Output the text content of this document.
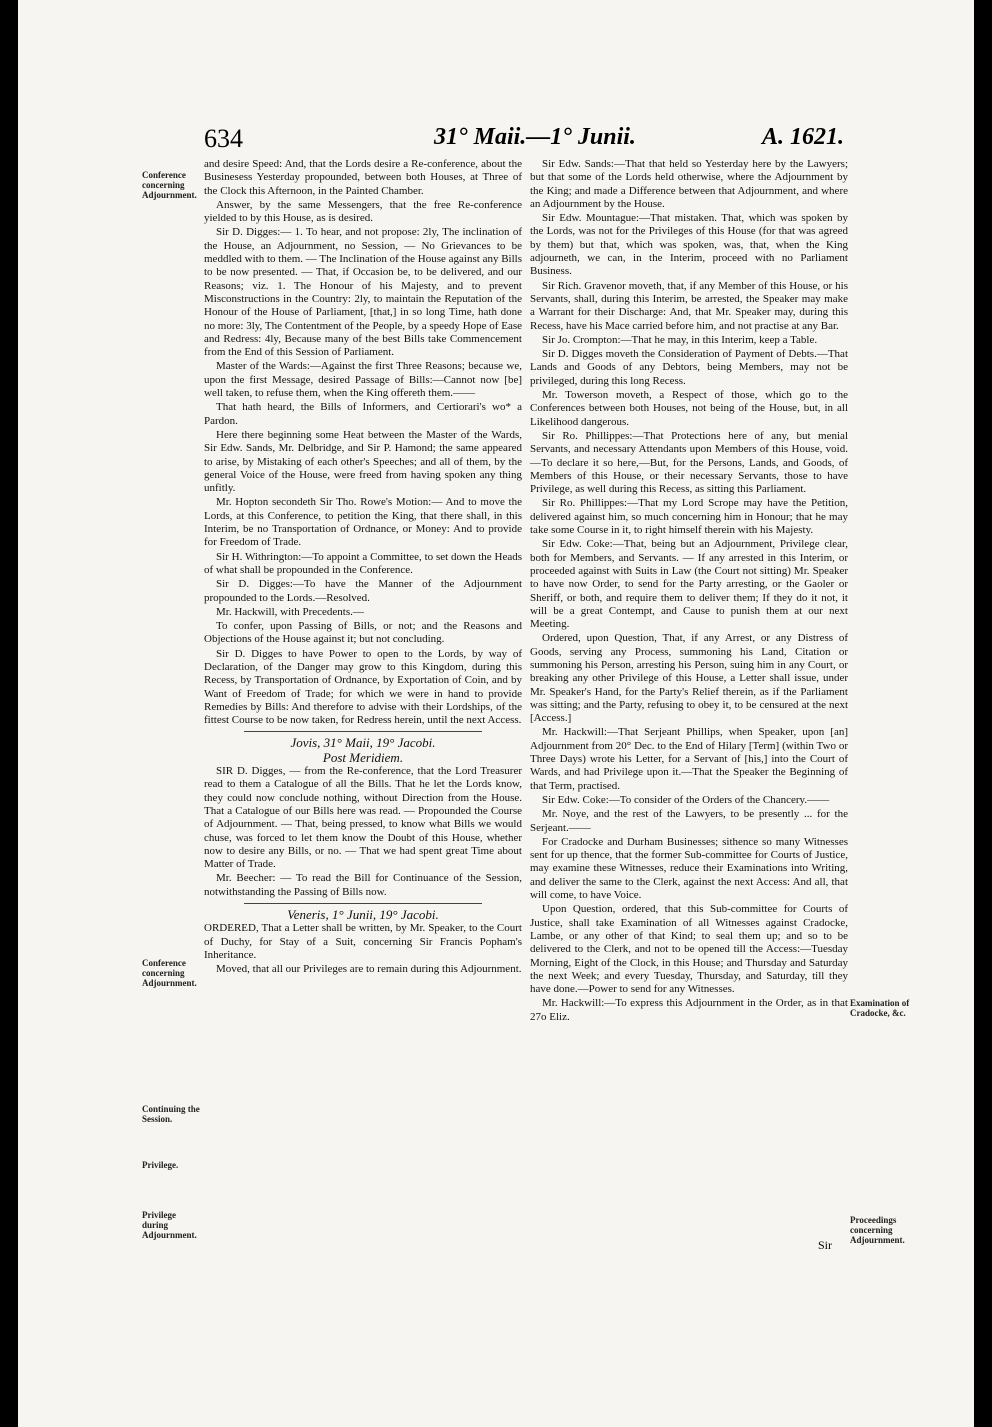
634	31° Maii.—1° Junii.	A. 1621.
Conference concerning Adjournment.
Conference concerning Adjournment.
Continuing the Session.
Privilege.
Privilege during Adjournment.
Examination of Cradocke, &c.
Proceedings concerning Adjournment.

and desire Speed: And, that the Lords desire a Re-conference, about the Businesess Yesterday propounded, between both Houses, at Three of the Clock this Afternoon, in the Painted Chamber.

Answer, by the same Messengers, that the free Re-conference yielded to by this House, as is desired.

Sir D. Digges:— 1. To hear, and not propose: 2ly, The inclination of the House, an Adjournment, no Session, — No Grievances to be meddled with to them. — The Inclination of the House against any Bills to be now presented. — That, if Occasion be, to be delivered, and our Reasons; viz. 1. The Honour of his Majesty, and to prevent Misconstructions in the Country: 2ly, to maintain the Reputation of the Honour of the House of Parliament, [that,] in so long Time, hath done no more: 3ly, The Contentment of the People, by a speedy Hope of Ease and Redress: 4ly, Because many of the best Bills take Commencement from the End of this Session of Parliament.

Master of the Wards:—Against the first Three Reasons; because we, upon the first Message, desired Passage of Bills:—Cannot now [be] well taken, to refuse them, when the King offereth them.——

That hath heard, the Bills of Informers, and Certiorari's wo* a Pardon.

Here there beginning some Heat between the Master of the Wards, Sir Edw. Sands, Mr. Delbridge, and Sir P. Hamond; the same appeared to arise, by Mistaking of each other's Speeches; and all of them, by the general Voice of the House, were freed from having spoken any thing unfitly.

Mr. Hopton secondeth Sir Tho. Rowe's Motion:— And to move the Lords, at this Conference, to petition the King, that there shall, in this Interim, be no Transportation of Ordnance, or Money: And to provide for Freedom of Trade.

Sir H. Withrington:—To appoint a Committee, to set down the Heads of what shall be propounded in the Conference.

Sir D. Digges:—To have the Manner of the Adjournment propounded to the Lords.—Resolved.

Mr. Hackwill, with Precedents.—

To confer, upon Passing of Bills, or not; and the Reasons and Objections of the House against it; but not concluding.

Sir D. Digges to have Power to open to the Lords, by way of Declaration, of the Danger may grow to this Kingdom, during this Recess, by Transportation of Ordnance, by Exportation of Coin, and by Want of Freedom of Trade; for which we were in hand to provide Remedies by Bills: And therefore to advise with their Lordships, of the fittest Course to be now taken, for Redress herein, until the next Access.

Jovis, 31° Maii, 19° Jacobi.

Post Meridiem.

SIR D. Digges, — from the Re-conference, that the Lord Treasurer read to them a Catalogue of all the Bills. That he let the Lords know, they could now conclude nothing, without Direction from the House. That a Catalogue of our Bills here was read. — Propounded the Course of Adjournment. — That, being pressed, to know what Bills we would chuse, was forced to let them know the Doubt of this House, whether now to desire any Bills, or no. — That we had spent great Time about Matter of Trade.

Mr. Beecher: — To read the Bill for Continuance of the Session, notwithstanding the Passing of Bills now.

Veneris, 1° Junii, 19° Jacobi.

ORDERED, That a Letter shall be written, by Mr. Speaker, to the Court of Duchy, for Stay of a Suit, concerning Sir Francis Popham's Inheritance.

Moved, that all our Privileges are to remain during this Adjournment.

Sir Edw. Sands:—That that held so Yesterday here by the Lawyers; but that some of the Lords held otherwise, where the Adjournment by the King; and made a Difference between that Adjournment, and where an Adjournment by the House.

Sir Edw. Mountague:—That mistaken. That, which was spoken by the Lords, was not for the Privileges of this House (for that was agreed by them) but that, which was spoken, was, that, when the King adjourneth, we can, in the Interim, proceed with no Parliament Business.

Sir Rich. Gravenor moveth, that, if any Member of this House, or his Servants, shall, during this Interim, be arrested, the Speaker may make a Warrant for their Discharge: And, that Mr. Speaker may, during this Recess, have his Mace carried before him, and not practise at any Bar.

Sir Jo. Crompton:—That he may, in this Interim, keep a Table.

Sir D. Digges moveth the Consideration of Payment of Debts.—That Lands and Goods of any Debtors, being Members, may not be privileged, during this long Recess.

Mr. Towerson moveth, a Respect of those, which go to the Conferences between both Houses, not being of the House, but, in all Likelihood dangerous.

Sir Ro. Phillippes:—That Protections here of any, but menial Servants, and necessary Attendants upon Members of this House, void.—To declare it so here,—But, for the Persons, Lands, and Goods, of Members of this House, or their necessary Servants, those to have Privilege, as well during this Recess, as sitting this Parliament.

Sir Ro. Phillippes:—That my Lord Scrope may have the Petition, delivered against him, so much concerning him in Honour; that he may take some Course in it, to right himself therein with his Majesty.

Sir Edw. Coke:—That, being but an Adjournment, Privilege clear, both for Members, and Servants. — If any arrested in this Interim, or proceeded against with Suits in Law (the Court not sitting) Mr. Speaker to have now Order, to send for the Party arresting, or the Gaoler or Sheriff, or both, and require them to deliver them; If they do it not, it will be a great Contempt, and Cause to punish them at our next Meeting.

Ordered, upon Question, That, if any Arrest, or any Distress of Goods, serving any Process, summoning his Land, Citation or summoning his Person, arresting his Person, suing him in any Court, or breaking any other Privilege of this House, a Letter shall issue, under Mr. Speaker's Hand, for the Party's Relief therein, as if the Parliament was sitting; and the Party, refusing to obey it, to be censured at the next [Access.]

Mr. Hackwill:—That Serjeant Phillips, when Speaker, upon [an] Adjournment from 20° Dec. to the End of Hilary [Term] (within Two or Three Days) wrote his Letter, for a Servant of [his,] into the Court of Wards, and had Privilege upon it.—That the Speaker the Beginning of that Term, practised.

Sir Edw. Coke:—To consider of the Orders of the Chancery.——

Mr. Noye, and the rest of the Lawyers, to be presently ... for the Serjeant.——

For Cradocke and Durham Businesses; sithence so many Witnesses sent for up thence, that the former Sub-committee for Courts of Justice, may examine these Witnesses, reduce their Examinations into Writing, and deliver the same to the Clerk, against the next Access: And all, that will come, to have Voice.

Upon Question, ordered, that this Sub-committee for Courts of Justice, shall take Examination of all Witnesses against Cradocke, Lambe, or any other of that Kind; to seal them up; and so to be delivered to the Clerk, and not to be opened till the Access:—Tuesday Morning, Eight of the Clock, in this House; and Thursday and Saturday the next Week; and every Tuesday, Thursday, and Saturday, till they have done.—Power to send for any Witnesses.

Mr. Hackwill:—To express this Adjournment in the Order, as in that 27o Eliz.

Sir
